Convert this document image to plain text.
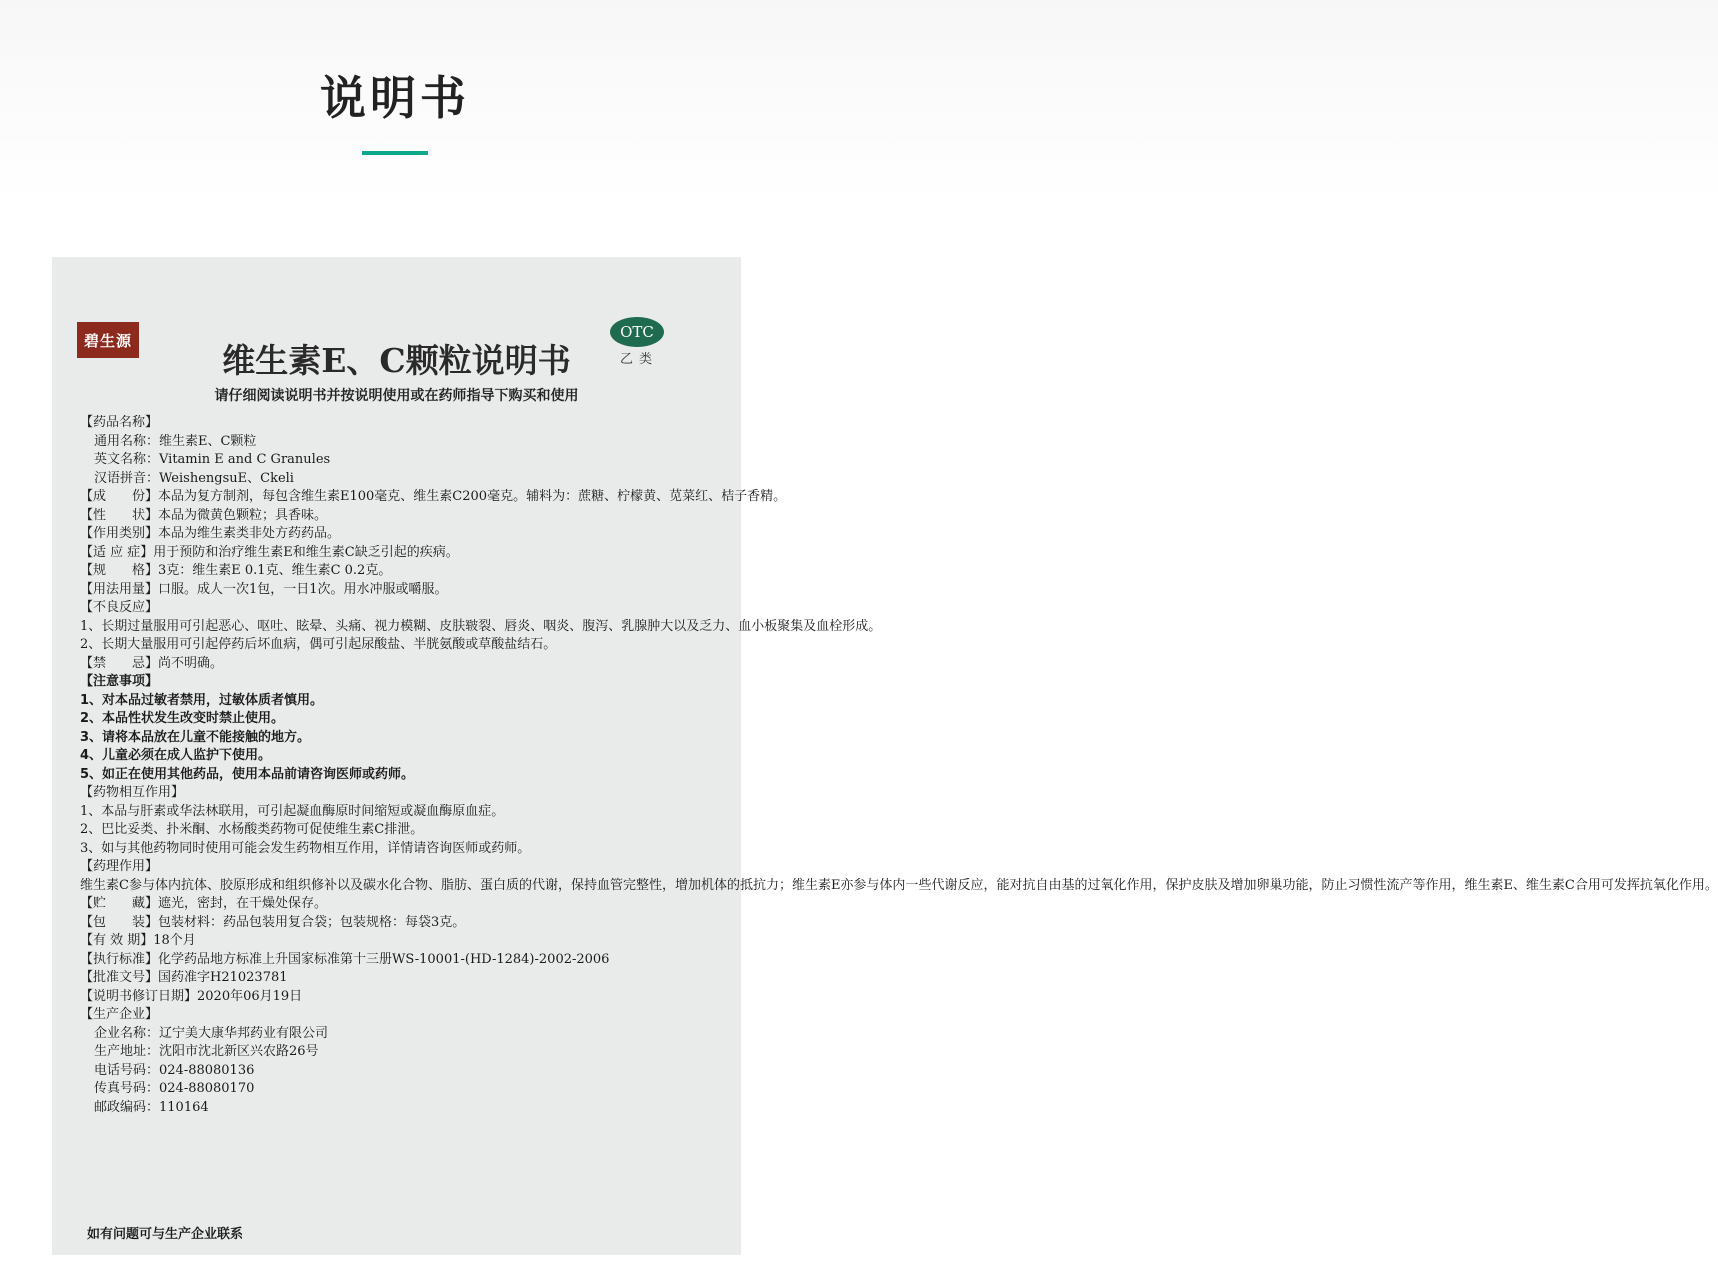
说明书
碧生源
维生素E、C颗粒说明书
OTC
乙类
请仔细阅读说明书并按说明使用或在药师指导下购买和使用
【药品名称】
通用名称：维生素E、C颗粒
英文名称：Vitamin E and C Granules
汉语拼音：WeishengsuE、Ckeli
【成　　份】本品为复方制剂，每包含维生素E100毫克、维生素C200毫克。辅料为：蔗糖、柠檬黄、苋菜红、桔子香精。
【性　　状】本品为微黄色颗粒；具香味。
【作用类别】本品为维生素类非处方药药品。
【适 应 症】用于预防和治疗维生素E和维生素C缺乏引起的疾病。
【规　　格】3克：维生素E 0.1克、维生素C 0.2克。
【用法用量】口服。成人一次1包，一日1次。用水冲服或嚼服。
【不良反应】
1、长期过量服用可引起恶心、呕吐、眩晕、头痛、视力模糊、皮肤皲裂、唇炎、咽炎、腹泻、乳腺肿大以及乏力、血小板聚集及血栓形成。
2、长期大量服用可引起停药后坏血病，偶可引起尿酸盐、半胱氨酸或草酸盐结石。
【禁　　忌】尚不明确。
【注意事项】
1、对本品过敏者禁用，过敏体质者慎用。
2、本品性状发生改变时禁止使用。
3、请将本品放在儿童不能接触的地方。
4、儿童必须在成人监护下使用。
5、如正在使用其他药品，使用本品前请咨询医师或药师。
【药物相互作用】
1、本品与肝素或华法林联用，可引起凝血酶原时间缩短或凝血酶原血症。
2、巴比妥类、扑米酮、水杨酸类药物可促使维生素C排泄。
3、如与其他药物同时使用可能会发生药物相互作用，详情请咨询医师或药师。
【药理作用】
维生素C参与体内抗体、胶原形成和组织修补以及碳水化合物、脂肪、蛋白质的代谢，保持血管完整性，增加机体的抵抗力；维生素E亦参与体内一些代谢反应，能对抗自由基的过氧化作用，保护皮肤及增加卵巢功能，防止习惯性流产等作用，维生素E、维生素C合用可发挥抗氧化作用。
【贮　　藏】遮光，密封，在干燥处保存。
【包　　装】包装材料：药品包装用复合袋；包装规格：每袋3克。
【有 效 期】18个月
【执行标准】化学药品地方标准上升国家标准第十三册WS-10001-(HD-1284)-2002-2006
【批准文号】国药准字H21023781
【说明书修订日期】2020年06月19日
【生产企业】
企业名称：辽宁美大康华邦药业有限公司
生产地址：沈阳市沈北新区兴农路26号
电话号码：024-88080136
传真号码：024-88080170
邮政编码：110164
如有问题可与生产企业联系
